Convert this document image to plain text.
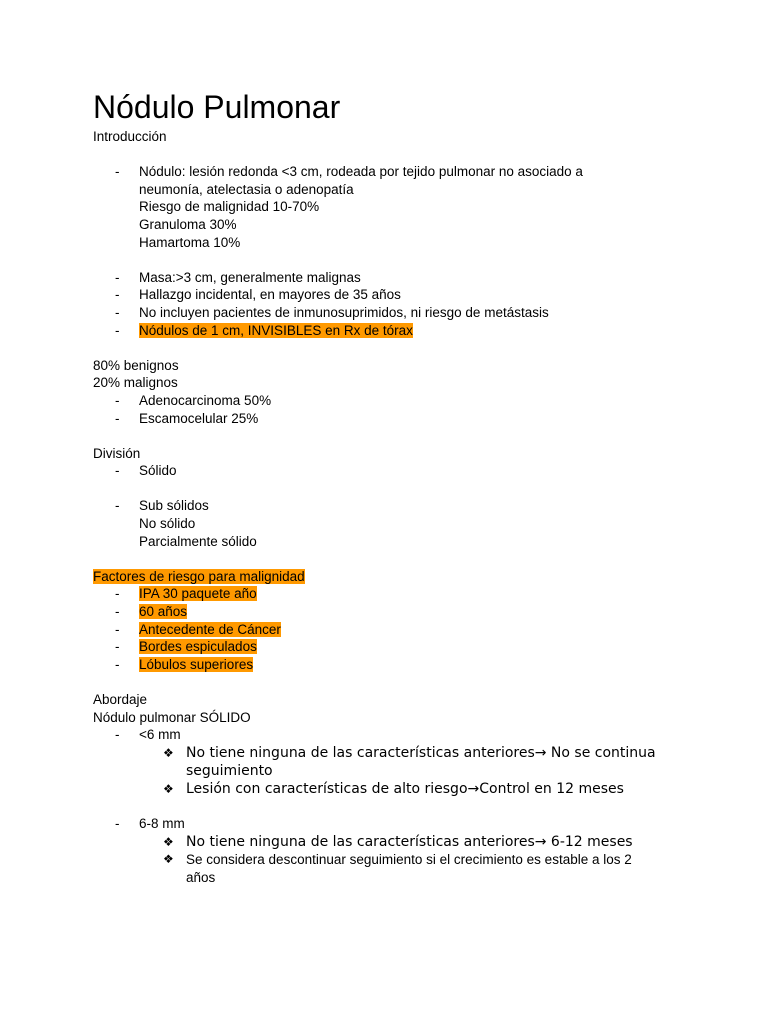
Nódulo Pulmonar
Introducción
- Nódulo: lesión redonda <3 cm, rodeada por tejido pulmonar no asociado a
neumonía, atelectasia o adenopatía
Riesgo de malignidad 10-70%
Granuloma 30%
Hamartoma 10%
- Masa:>3 cm, generalmente malignas
- Hallazgo incidental, en mayores de 35 años
- No incluyen pacientes de inmunosuprimidos, ni riesgo de metástasis
- Nódulos de 1 cm, INVISIBLES en Rx de tórax
80% benignos
20% malignos
- Adenocarcinoma 50%
- Escamocelular 25%
División
- Sólido
- Sub sólidos
No sólido
Parcialmente sólido
Factores de riesgo para malignidad
- IPA 30 paquete año
- 60 años
- Antecedente de Cáncer
- Bordes espiculados
- Lóbulos superiores
Abordaje
Nódulo pulmonar SÓLIDO
- <6 mm
❖ No tiene ninguna de las características anteriores→ No se continua
seguimiento
❖ Lesión con características de alto riesgo→Control en 12 meses
- 6-8 mm
❖ No tiene ninguna de las características anteriores→ 6-12 meses
❖ Se considera descontinuar seguimiento si el crecimiento es estable a los 2
años
